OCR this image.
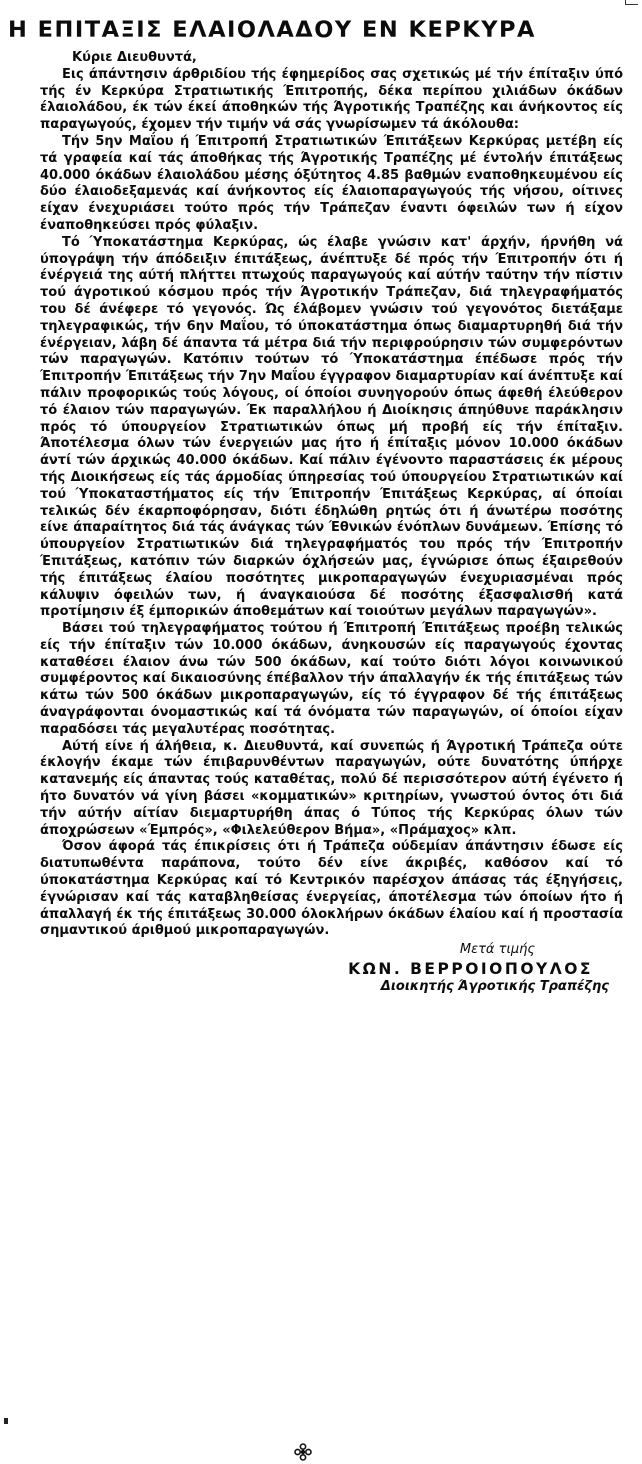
Η ΕΠΙΤΑΞΙΣ ΕΛΑΙΟΛΑΔΟΥ ΕΝ ΚΕΡΚΥΡΑ

Κύριε Διευθυντά,

Εις άπάντησιν άρθριδίου τής έφημερίδος σας σχετικώς μέ τήν έπίταξιν ύπό τής έν Κερκύρα Στρατιωτικής Έπιτροπής, δέκα περίπου χιλιάδων όκάδων έλαιολάδου, έκ τών έκεί άποθηκών τής Άγροτικής Τραπέζης και άνήκοντος είς παραγωγούς, έχομεν τήν τιμήν νά σάς γνωρίσωμεν τά άκόλουθα:

Τήν 5ην Μαΐου ή Έπιτροπή Στρατιωτικών Έπιτάξεων Κερκύρας μετέβη είς τά γραφεία καί τάς άποθήκας τής Άγροτικής Τραπέζης μέ έντολήν έπιτάξεως 40.000 όκάδων έλαιολάδου μέσης όξύτητος 4.85 βαθμών εναποθηκευμένου είς δύο έλαιοδεξαμενάς καί άνήκοντος είς έλαιοπαραγωγούς τής νήσου, οίτινες είχαν ένεχυριάσει τούτο πρός τήν Τράπεζαν έναντι όφειλών των ή είχον έναποθηκεύσει πρός φύλαξιν.

Τό Ύποκατάστημα Κερκύρας, ώς έλαβε γνώσιν κατ' άρχήν, ήρνήθη νά ύπογράψη τήν άπόδειξιν έπιτάξεως, άνέπτυξε δέ πρός τήν Έπιτροπήν ότι ή ένέργειά της αύτή πλήττει πτωχούς παραγωγούς καί αύτήν ταύτην τήν πίστιν τού άγροτικού κόσμου πρός τήν Άγροτικήν Τράπεζαν, διά τηλεγραφήματός του δέ άνέφερε τό γεγονός. Ώς έλάβομεν γνώσιν τού γεγονότος διετάξαμε τηλεγραφικώς, τήν 6ην Μαΐου, τό ύποκατάστημα όπως διαμαρτυρηθή διά τήν ένέργειαν, λάβη δέ άπαντα τά μέτρα διά τήν περιφρούρησιν τών συμφερόντων τών παραγωγών. Κατόπιν τούτων τό Ύποκατάστημα έπέδωσε πρός τήν Έπιτροπήν Έπιτάξεως τήν 7ην Μαΐου έγγραφον διαμαρτυρίαν καί άνέπτυξε καί πάλιν προφορικώς τούς λόγους, οί όποίοι συνηγορούν όπως άφεθή έλεύθερον τό έλαιον τών παραγωγών. Έκ παραλλήλου ή Διοίκησις άπηύθυνε παράκλησιν πρός τό ύπουργείον Στρατιωτικών όπως μή προβή είς τήν έπίταξιν. Άποτέλεσμα όλων τών ένεργειών μας ήτο ή έπίταξις μόνον 10.000 όκάδων άντί τών άρχικώς 40.000 όκάδων. Καί πάλιν έγένοντο παραστάσεις έκ μέρους τής Διοικήσεως είς τάς άρμοδίας ύπηρεσίας τού ύπουργείου Στρατιωτικών καί τού Ύποκαταστήματος είς τήν Έπιτροπήν Έπιτάξεως Κερκύρας, αί όποίαι τελικώς δέν έκαρποφόρησαν, διότι έδηλώθη ρητώς ότι ή άνωτέρω ποσότης είνε άπαραίτητος διά τάς άνάγκας τών Έθνικών ένόπλων δυνάμεων. Έπίσης τό ύπουργείον Στρατιωτικών διά τηλεγραφήματός του πρός τήν Έπιτροπήν Έπιτάξεως, κατόπιν τών διαρκών όχλήσεών μας, έγνώρισε όπως έξαιρεθούν τής έπιτάξεως έλαίου ποσότητες μικροπαραγωγών ένεχυριασμέναι πρός κάλυψιν όφειλών των, ή άναγκαιούσα δέ ποσότης έξασφαλισθή κατά προτίμησιν έξ έμπορικών άποθεμάτων καί τοιούτων μεγάλων παραγωγών».

Βάσει τού τηλεγραφήματος τούτου ή Έπιτροπή Έπιτάξεως προέβη τελικώς είς τήν έπίταξιν τών 10.000 όκάδων, άνηκουσών είς παραγωγούς έχοντας καταθέσει έλαιον άνω τών 500 όκάδων, καί τούτο διότι λόγοι κοινωνικού συμφέροντος καί δικαιοσύνης έπέβαλλον τήν άπαλλαγήν έκ τής έπιτάξεως τών κάτω τών 500 όκάδων μικροπαραγωγών, είς τό έγγραφον δέ τής έπιτάξεως άναγράφονται όνομαστικώς καί τά όνόματα τών παραγωγών, οί όποίοι είχαν παραδόσει τάς μεγαλυτέρας ποσότητας.

Αύτή είνε ή άλήθεια, κ. Διευθυντά, καί συνεπώς ή Άγροτική Τράπεζα ούτε έκλογήν έκαμε τών έπιβαρυνθέντων παραγωγών, ούτε δυνατότης ύπήρχε κατανεμής είς άπαντας τούς καταθέτας, πολύ δέ περισσότερον αύτή έγένετο ή ήτο δυνατόν νά γίνη βάσει «κομματικών» κριτηρίων, γνωστού όντος ότι διά τήν αύτήν αίτίαν διεμαρτυρήθη άπας ό Τύπος τής Κερκύρας όλων τών άποχρώσεων «Έμπρός», «Φιλελεύθερον Βήμα», «Πράμαχος» κλπ.

Όσον άφορά τάς έπικρίσεις ότι ή Τράπεζα ούδεμίαν άπάντησιν έδωσε είς διατυπωθέντα παράπονα, τούτο δέν είνε άκριβές, καθόσον καί τό ύποκατάστημα Κερκύρας καί τό Κεντρικόν παρέσχον άπάσας τάς έξηγήσεις, έγνώρισαν καί τάς καταβληθείσας ένεργείας, άποτέλεσμα τών όποίων ήτο ή άπαλλαγή έκ τής έπιτάξεως 30.000 όλοκλήρων όκάδων έλαίου καί ή προστασία σημαντικού άριθμού μικροπαραγωγών.

Μετά τιμής
ΚΩΝ. ΒΕΡΡΟΙΟΠΟΥΛΟΣ
Διοικητής Άγροτικής Τραπέζης
